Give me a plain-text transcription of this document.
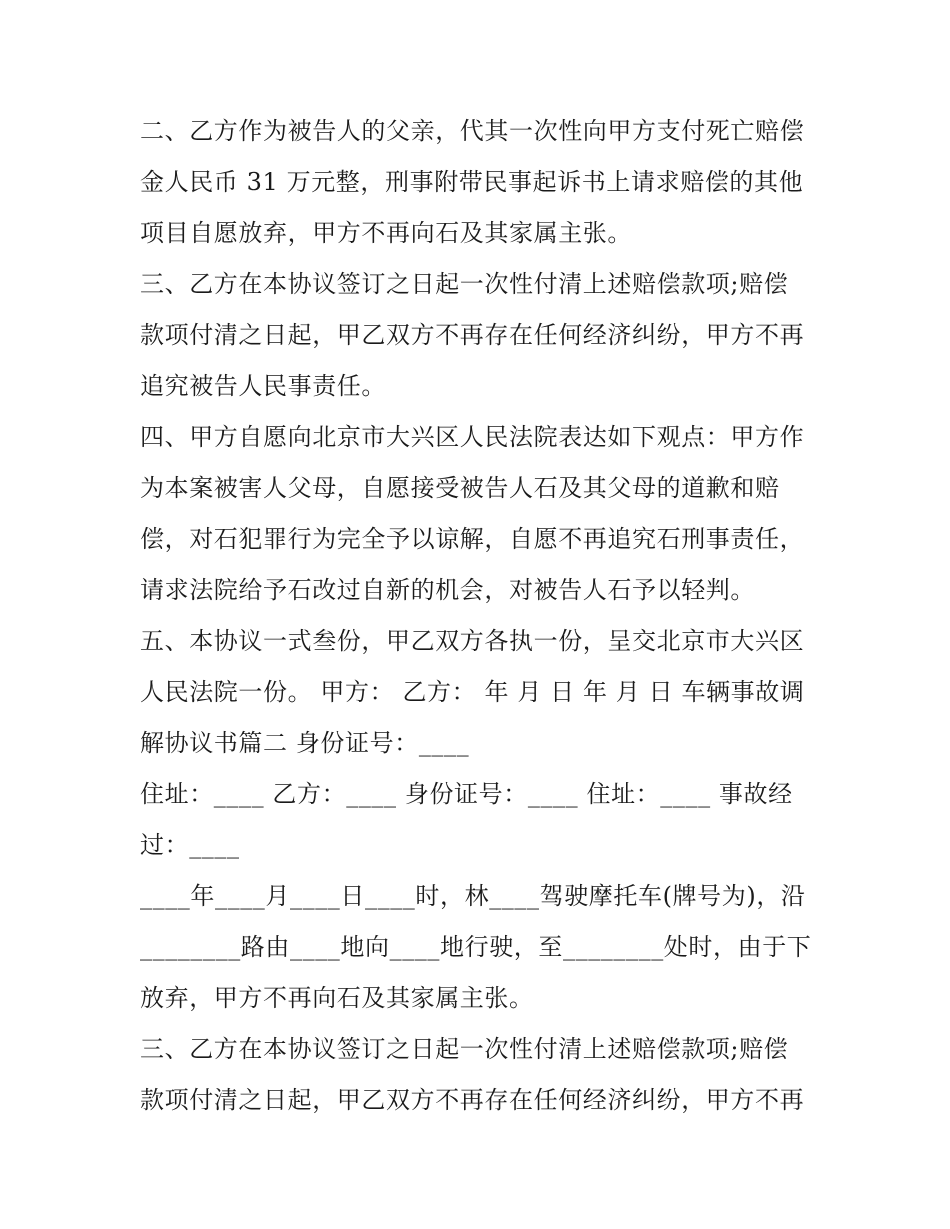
二、乙方作为被告人的父亲，代其一次性向甲方支付死亡赔偿
金人民币 31 万元整，刑事附带民事起诉书上请求赔偿的其他
项目自愿放弃，甲方不再向石及其家属主张。
三、乙方在本协议签订之日起一次性付清上述赔偿款项;赔偿
款项付清之日起，甲乙双方不再存在任何经济纠纷，甲方不再
追究被告人民事责任。
四、甲方自愿向北京市大兴区人民法院表达如下观点：甲方作
为本案被害人父母，自愿接受被告人石及其父母的道歉和赔
偿，对石犯罪行为完全予以谅解，自愿不再追究石刑事责任，
请求法院给予石改过自新的机会，对被告人石予以轻判。
五、本协议一式叁份，甲乙双方各执一份，呈交北京市大兴区
人民法院一份。 甲方： 乙方： 年 月 日 年 月 日 车辆事故调
解协议书篇二 身份证号：____
住址：____ 乙方：____ 身份证号：____ 住址：____ 事故经
过：____
____年____月____日____时，林____驾驶摩托车(牌号为)，沿
________路由____地向____地行驶，至________处时，由于下
放弃，甲方不再向石及其家属主张。
三、乙方在本协议签订之日起一次性付清上述赔偿款项;赔偿
款项付清之日起，甲乙双方不再存在任何经济纠纷，甲方不再
